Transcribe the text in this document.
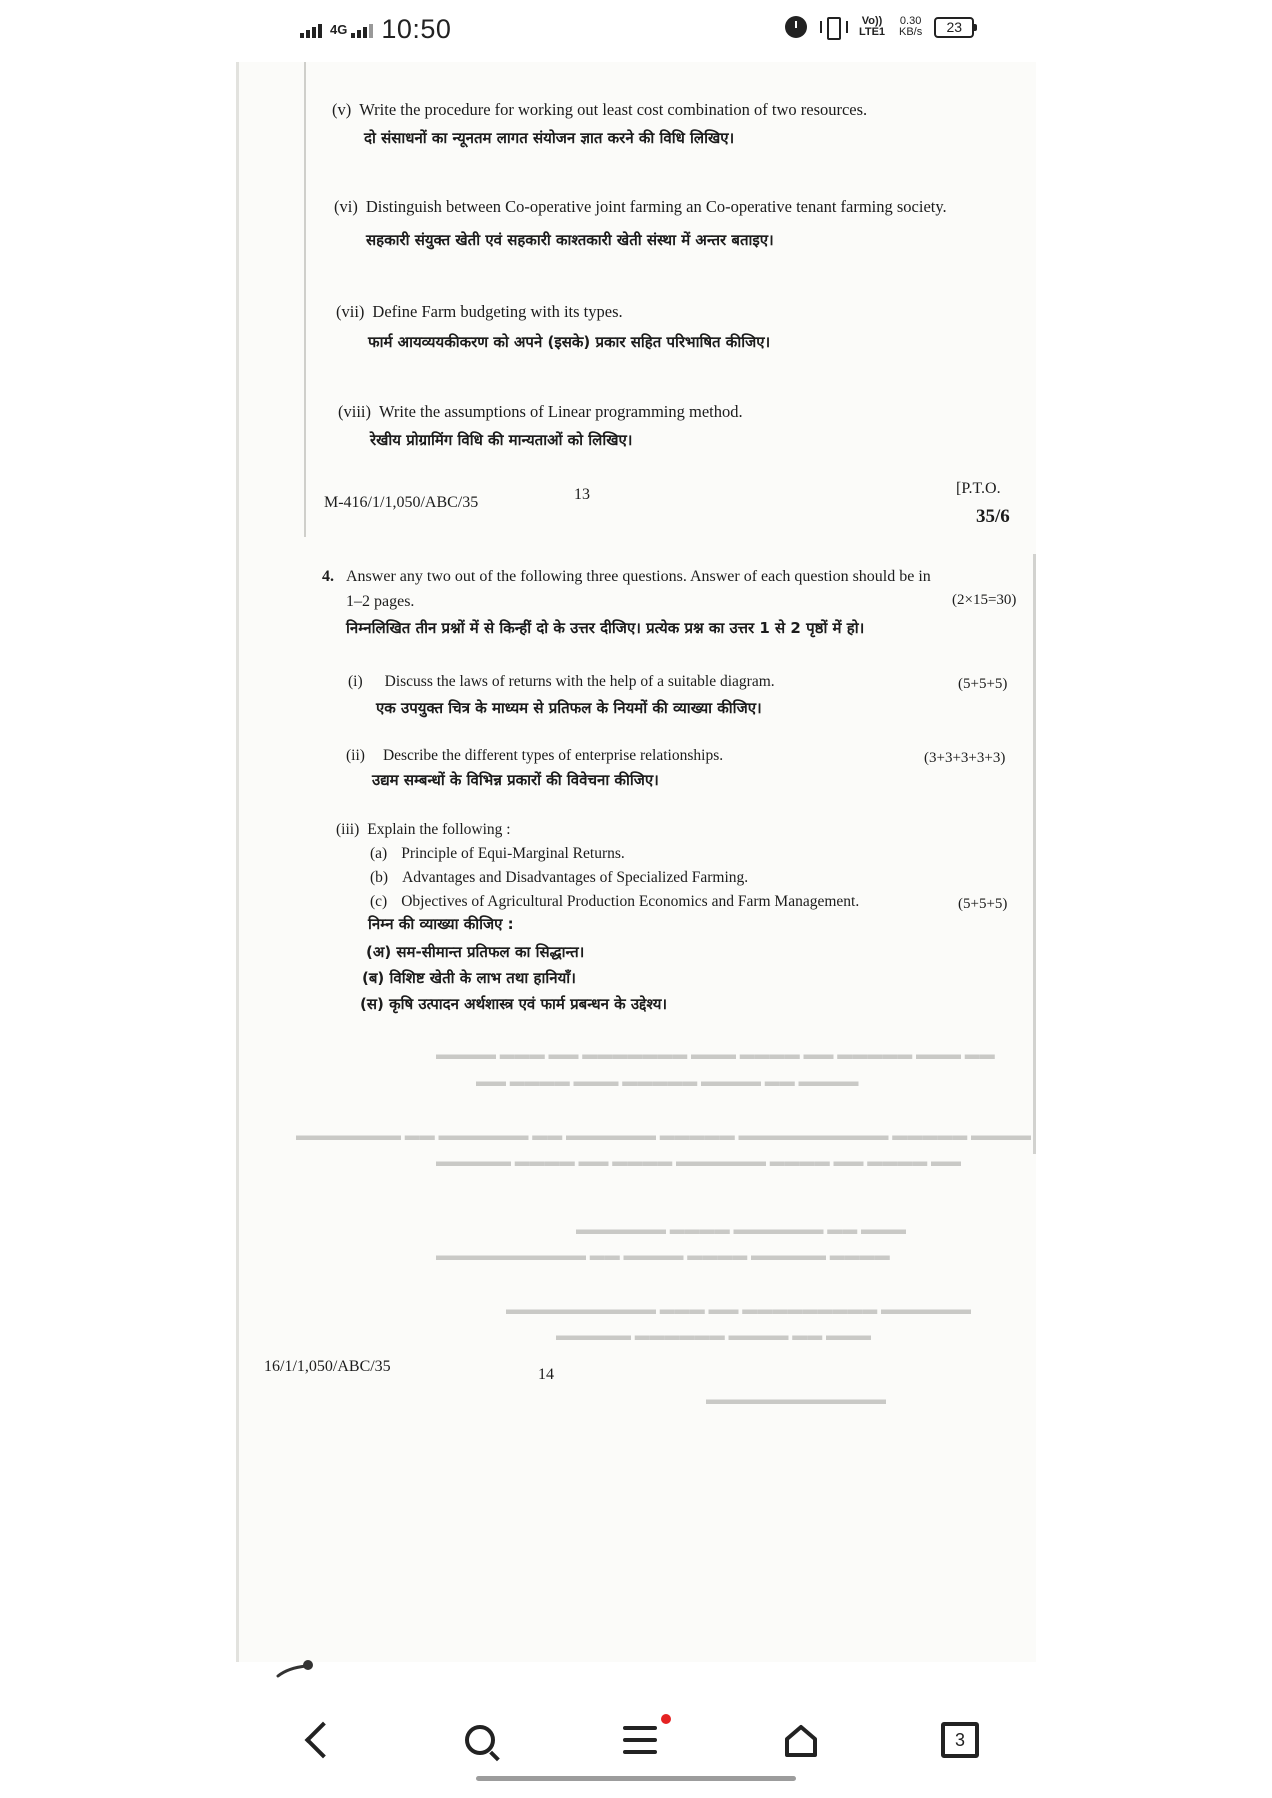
4G 10:50	Vo)) LTE1
0.30
KB/s	23
(v) Write the procedure for working out least cost combination of two resources.
दो संसाधनों का न्यूनतम लागत संयोजन ज्ञात करने की विधि लिखिए।
(vi) Distinguish between Co-operative joint farming an Co-operative tenant farming society.
सहकारी संयुक्त खेती एवं सहकारी काश्तकारी खेती संस्था में अन्तर बताइए।
(vii) Define Farm budgeting with its types.
फार्म आयव्ययकीकरण को अपने (इसके) प्रकार सहित परिभाषित कीजिए।
(viii) Write the assumptions of Linear programming method.
रेखीय प्रोग्रामिंग विधि की मान्यताओं को लिखिए।
M-416/1/1,050/ABC/35	13	[P.T.O.
35/6
4. Answer any two out of the following three questions. Answer of each question should be in
1–2 pages.	(2×15=30)
निम्नलिखित तीन प्रश्नों में से किन्हीं दो के उत्तर दीजिए। प्रत्येक प्रश्न का उत्तर 1 से 2 पृष्ठों में हो।
(i) Discuss the laws of returns with the help of a suitable diagram.	(5+5+5)
एक उपयुक्त चित्र के माध्यम से प्रतिफल के नियमों की व्याख्या कीजिए।
(ii) Describe the different types of enterprise relationships.	(3+3+3+3+3)
उद्यम सम्बन्धों के विभिन्न प्रकारों की विवेचना कीजिए।
(iii) Explain the following :
(a) Principle of Equi-Marginal Returns.
(b) Advantages and Disadvantages of Specialized Farming.
(c) Objectives of Agricultural Production Economics and Farm Management.	(5+5+5)
निम्न की व्याख्या कीजिए :
(अ) सम-सीमान्त प्रतिफल का सिद्धान्त।
(ब) विशिष्ट खेती के लाभ तथा हानियाँ।
(स) कृषि उत्पादन अर्थशास्त्र एवं फार्म प्रबन्धन के उद्देश्य।
▬▬ ▬▬▬ ▬▬▬▬▬ ▬▬ ▬▬▬▬ ▬▬▬ ▬▬▬▬▬▬▬ ▬▬ ▬▬▬ ▬▬▬▬
▬▬▬▬ ▬▬ ▬▬▬▬ ▬▬▬▬▬ ▬▬▬ ▬▬▬▬ ▬▬
▬▬▬▬ ▬▬▬▬▬ ▬▬▬▬▬▬▬▬▬▬ ▬▬▬▬▬ ▬▬▬▬▬▬ ▬▬ ▬▬▬▬▬▬ ▬▬ ▬▬▬▬▬▬▬
▬▬ ▬▬▬▬ ▬▬ ▬▬▬▬ ▬▬▬▬▬▬ ▬▬▬▬ ▬▬ ▬▬▬▬ ▬▬▬▬▬
▬▬▬ ▬▬ ▬▬▬▬▬▬ ▬▬▬▬ ▬▬▬▬▬▬
▬▬▬▬ ▬▬▬▬▬ ▬▬▬▬ ▬▬▬▬ ▬▬ ▬▬▬▬▬▬▬▬▬▬
▬▬▬▬▬▬ ▬▬▬▬▬▬▬▬▬ ▬▬ ▬▬▬ ▬▬▬▬▬▬▬▬▬▬
▬▬▬ ▬▬ ▬▬▬▬ ▬▬▬▬▬▬ ▬▬▬▬▬
▬▬▬▬▬▬▬▬▬▬▬▬
16/1/1,050/ABC/35	14
3
